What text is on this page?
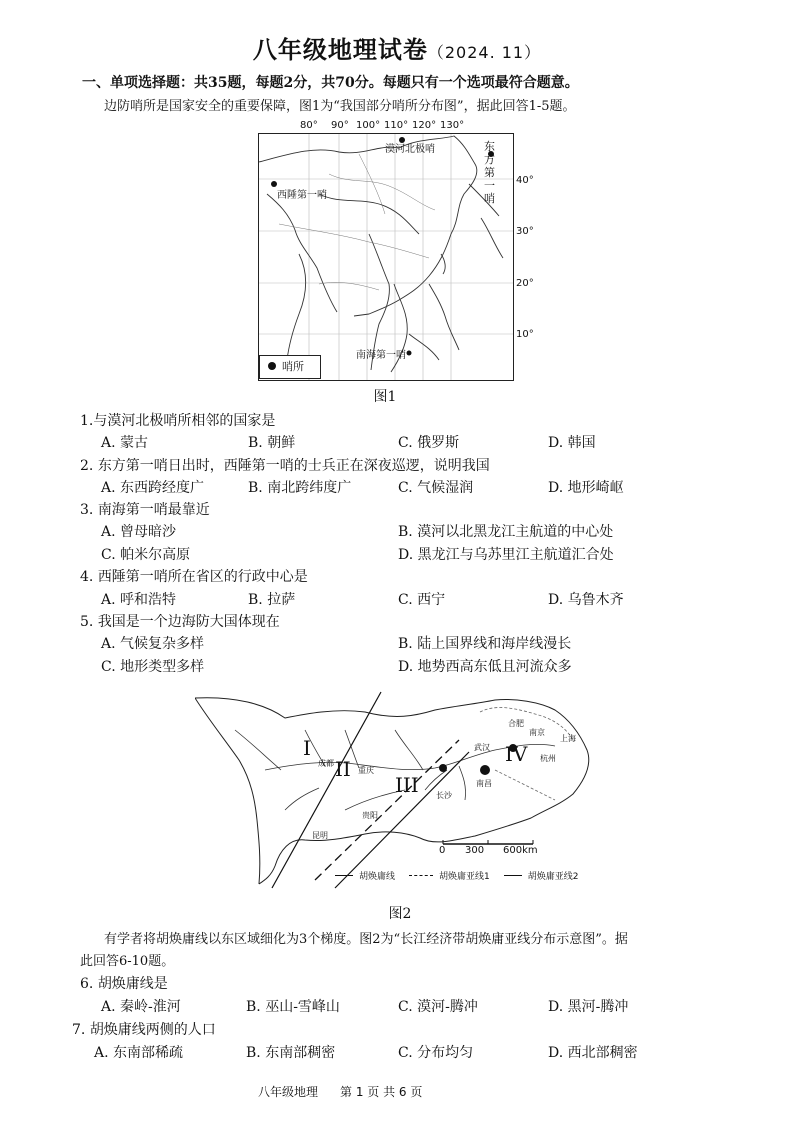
八年级地理试卷（2024. 11）
一、单项选择题：共35题，每题2分，共70分。每题只有一个选项最符合题意。
边防哨所是国家安全的重要保障，图1为“我国部分哨所分布图”，据此回答1-5题。
80° 90° 100° 110° 120° 130°
漠河北极哨
西陲第一哨
南海第一哨
东方第一哨
40°
30°
20°
10°
哨所
图1
1.与漠河北极哨所相邻的国家是
A. 蒙古	B. 朝鲜	C. 俄罗斯	D. 韩国
2. 东方第一哨日出时，西陲第一哨的士兵正在深夜巡逻，说明我国
A. 东西跨经度广	B. 南北跨纬度广	C. 气候湿润	D. 地形崎岖
3. 南海第一哨最靠近
A. 曾母暗沙	B. 漠河以北黑龙江主航道的中心处
C. 帕米尔高原	D. 黑龙江与乌苏里江主航道汇合处
4. 西陲第一哨所在省区的行政中心是
A. 呼和浩特	B. 拉萨	C. 西宁	D. 乌鲁木齐
5. 我国是一个边海防大国体现在
A. 气候复杂多样	B. 陆上国界线和海岸线漫长
C. 地形类型多样	D. 地势西高东低且河流众多
合肥
南京
上海
杭州
武汉
南昌
长沙
成都
重庆
贵阳
昆明
I
II
III
IV
0 300 600km
胡焕庸线	胡焕庸亚线1	胡焕庸亚线2
图2
有学者将胡焕庸线以东区域细化为3个梯度。图2为“长江经济带胡焕庸亚线分布示意图”。据
此回答6-10题。
6. 胡焕庸线是
A. 秦岭-淮河	B. 巫山-雪峰山	C. 漠河-腾冲	D. 黑河-腾冲
7. 胡焕庸线两侧的人口
A. 东南部稀疏	B. 东南部稠密	C. 分布均匀	D. 西北部稠密
八年级地理 第 1 页 共 6 页
